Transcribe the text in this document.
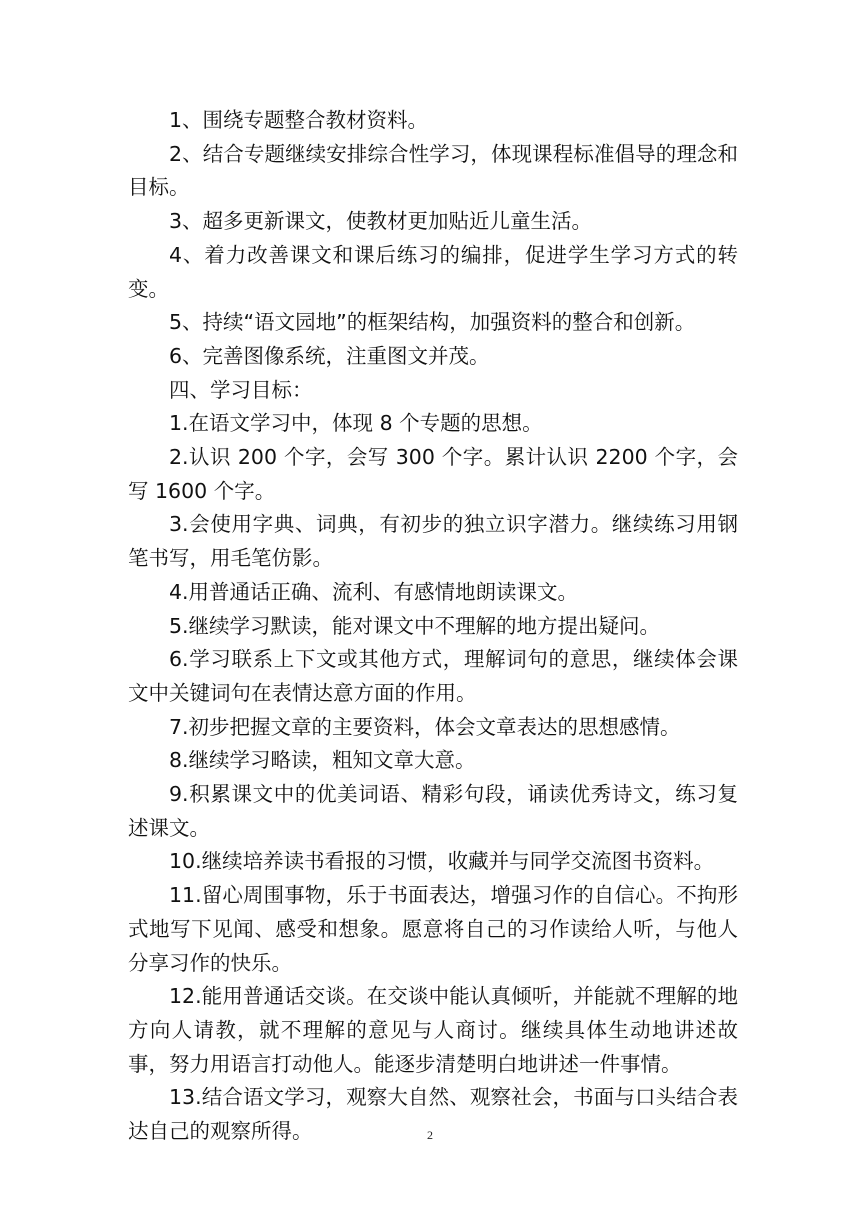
1、围绕专题整合教材资料。

2、结合专题继续安排综合性学习，体现课程标准倡导的理念和目标。

3、超多更新课文，使教材更加贴近儿童生活。

4、着力改善课文和课后练习的编排，促进学生学习方式的转变。

5、持续“语文园地”的框架结构，加强资料的整合和创新。

6、完善图像系统，注重图文并茂。

四、学习目标：

1.在语文学习中，体现 8 个专题的思想。

2.认识 200 个字，会写 300 个字。累计认识 2200 个字，会写 1600 个字。

3.会使用字典、词典，有初步的独立识字潜力。继续练习用钢笔书写，用毛笔仿影。

4.用普通话正确、流利、有感情地朗读课文。

5.继续学习默读，能对课文中不理解的地方提出疑问。

6.学习联系上下文或其他方式，理解词句的意思，继续体会课文中关键词句在表情达意方面的作用。

7.初步把握文章的主要资料，体会文章表达的思想感情。

8.继续学习略读，粗知文章大意。

9.积累课文中的优美词语、精彩句段，诵读优秀诗文，练习复述课文。

10.继续培养读书看报的习惯，收藏并与同学交流图书资料。

11.留心周围事物，乐于书面表达，增强习作的自信心。不拘形式地写下见闻、感受和想象。愿意将自己的习作读给人听，与他人分享习作的快乐。

12.能用普通话交谈。在交谈中能认真倾听，并能就不理解的地方向人请教，就不理解的意见与人商讨。继续具体生动地讲述故事，努力用语言打动他人。能逐步清楚明白地讲述一件事情。

13.结合语文学习，观察大自然、观察社会，书面与口头结合表达自己的观察所得。	2
